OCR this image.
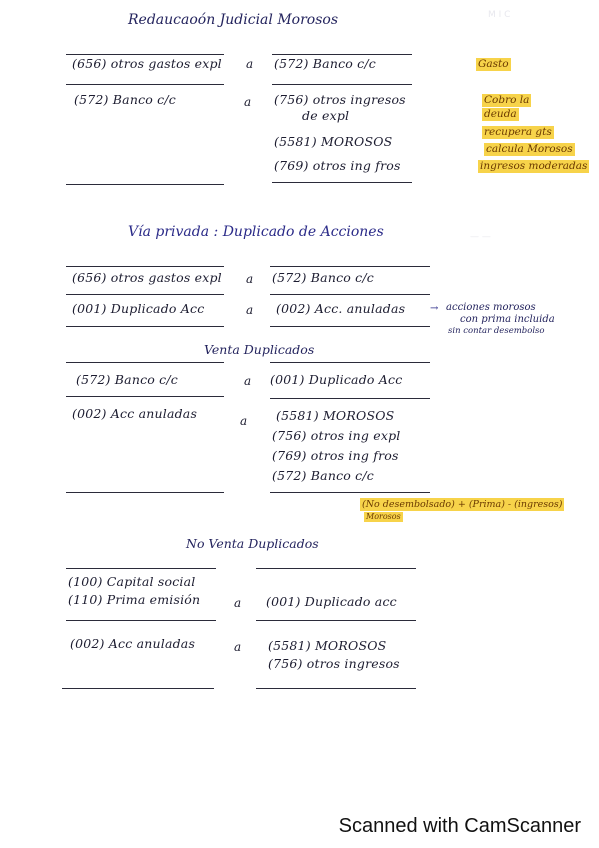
Ⅿ Ⅰ Ⅽ
— —
Redaucaoón Judicial Morosos
(656) otros gastos expl a (572) Banco c/c	Gasto
(572) Banco c/c	a (756) otros ingresos
de expl
(5581) MOROSOS
(769) otros ing fros
Cobro la
deuda
recupera gts
calcula Morosos
ingresos moderadas
Vía privada : Duplicado de Acciones
(656) otros gastos expl a (572) Banco c/c
(001) Duplicado Acc	a (002) Acc. anuladas → acciones morosos
con prima incluida
sin contar desembolso
Venta Duplicados
(572) Banco c/c	a (001) Duplicado Acc
(002) Acc anuladas	a (5581) MOROSOS
(756) otros ing expl
(769) otros ing fros
(572) Banco c/c
(No desembolsado) + (Prima) - (ingresos)
Morosos
No Venta Duplicados
(100) Capital social
(110) Prima emisión	a (001) Duplicado acc
(002) Acc anuladas	a (5581) MOROSOS
(756) otros ingresos
Scanned with CamScanner
